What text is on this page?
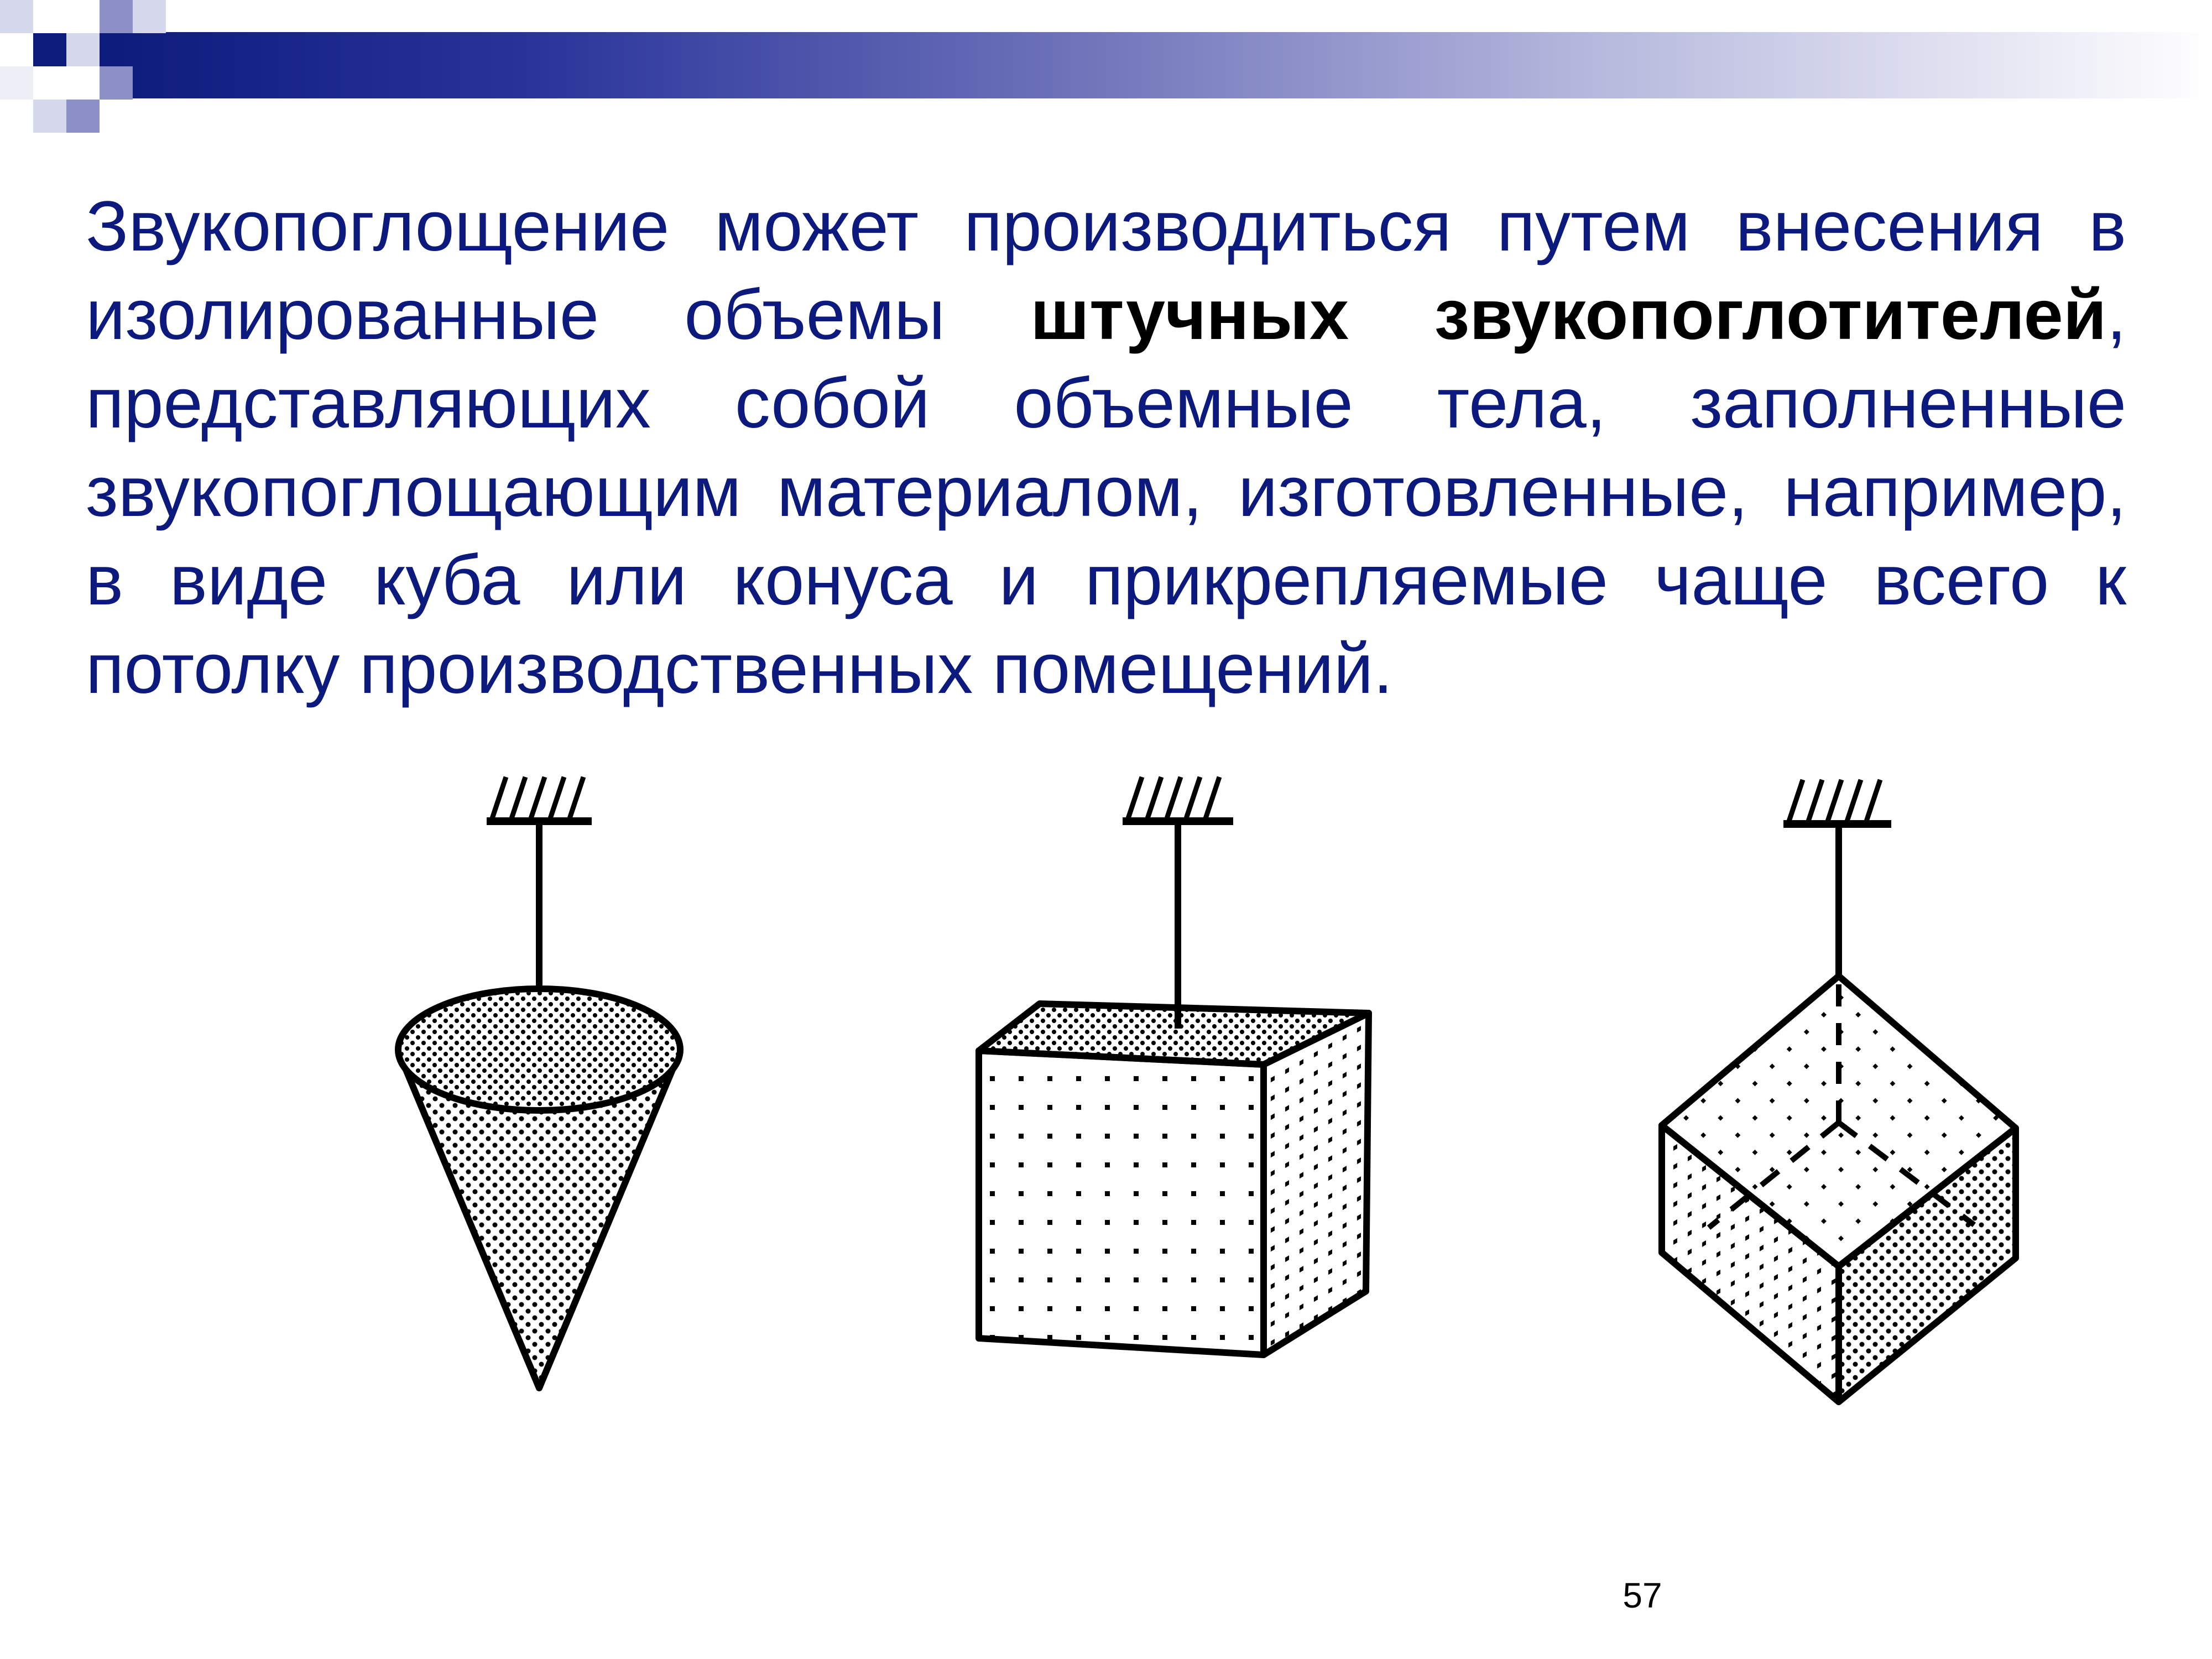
Звукопоглощение может производиться путем внесения в изолированные объемы штучных звукопоглотителей, представляющих собой объемные тела, заполненные звукопоглощающим материалом, изготовленные, например, в виде куба или конуса и прикрепляемые чаще всего к потолку производственных помещений.

57
